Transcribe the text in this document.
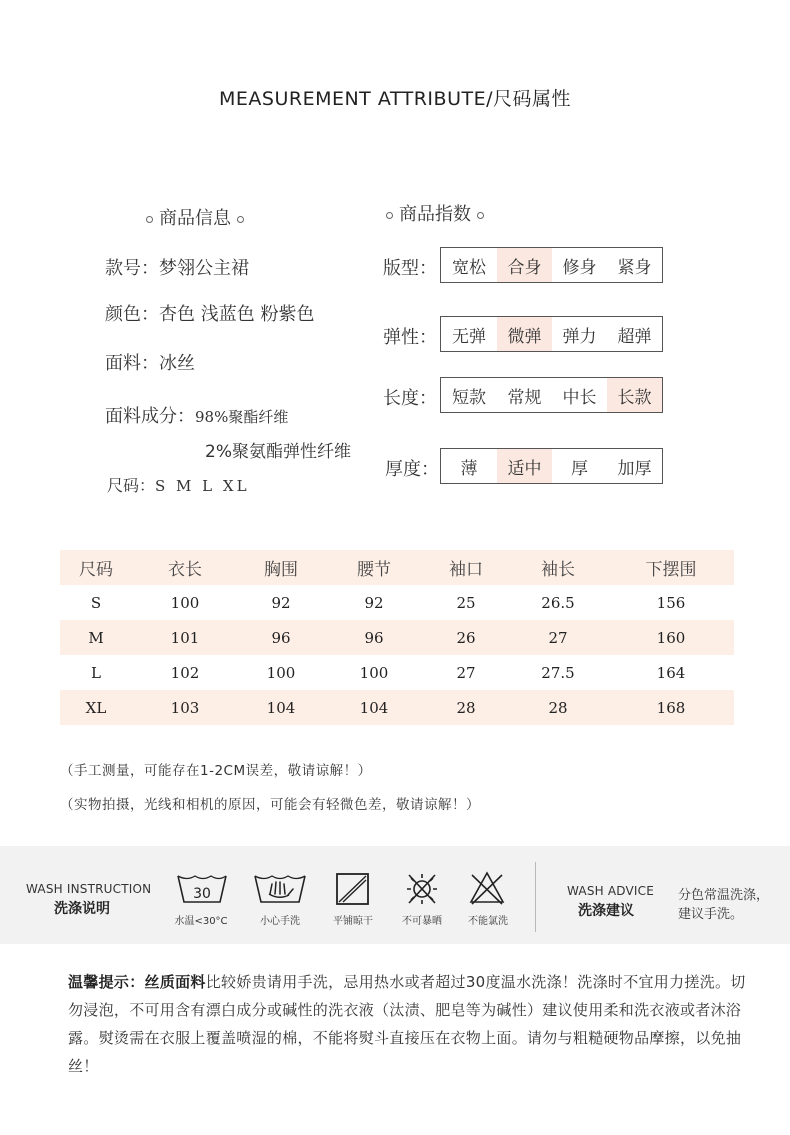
MEASUREMENT ATTRIBUTE/尺码属性
商品信息
款号：梦翎公主裙
颜色：杏色 浅蓝色 粉紫色
面料：冰丝
面料成分：98%聚酯纤维
2%聚氨酯弹性纤维
尺码：S M L XL
商品指数
版型： 宽松	合身	修身	紧身
弹性： 无弹	微弹	弹力	超弹
长度： 短款	常规	中长	长款
厚度：	薄	适中	厚	加厚
尺码	衣长	胸围	腰节	袖口	袖长	下摆围
S	100	92	92	25	26.5	156
M	101	96	96	26	27	160
L	102	100	100	27	27.5	164
XL	103	104	104	28	28	168
（手工测量，可能存在1-2CM误差，敬请谅解！）
（实物拍摄，光线和相机的原因，可能会有轻微色差，敬请谅解！）
WASH INSTRUCTION
洗涤说明
30
水温<30°C	小心手洗	平铺晾干	不可暴晒	不能氯洗
WASH ADVICE
洗涤建议
分色常温洗涤，
建议手洗。
温馨提示：丝质面料比较娇贵请用手洗，忌用热水或者超过30度温水洗涤！洗涤时不宜用力搓洗。切勿浸泡，不可用含有漂白成分或碱性的洗衣液（汰渍、肥皂等为碱性）建议使用柔和洗衣液或者沐浴露。熨烫需在衣服上覆盖喷湿的棉，不能将熨斗直接压在衣物上面。请勿与粗糙硬物品摩擦，以免抽丝！
